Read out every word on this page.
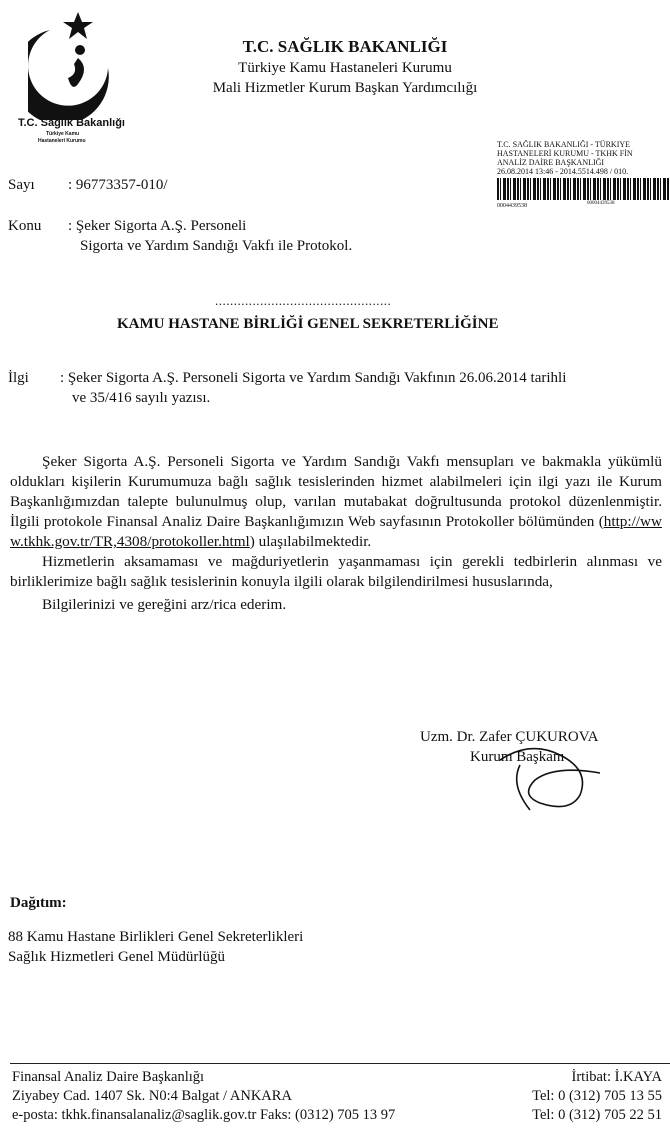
T.C. Sağlık Bakanlığı
Türkiye Kamu
Hastaneleri Kurumu
T.C. SAĞLIK BAKANLIĞI
Türkiye Kamu Hastaneleri Kurumu
Mali Hizmetler Kurum Başkan Yardımcılığı
T.C. SAĞLIK BAKANLIĞI - TÜRKIYE
HASTANELERİ KURUMU - TKHK FİN
ANALİZ DAİRE BAŞKANLIĞI
26.08.2014 13:46 - 2014.5514.498 / 010.
0004439538	00004439538
Sayı : 96773357-010/
Konu : Şeker Sigorta A.Ş. Personeli
Sigorta ve Yardım Sandığı Vakfı ile Protokol.
...............................................
KAMU HASTANE BİRLİĞİ GENEL SEKRETERLİĞİNE
İlgi : Şeker Sigorta A.Ş. Personeli Sigorta ve Yardım Sandığı Vakfının 26.06.2014 tarihli
ve 35/416 sayılı yazısı.

Şeker Sigorta A.Ş. Personeli Sigorta ve Yardım Sandığı Vakfı mensupları ve bakmakla yükümlü oldukları kişilerin Kurumumuza bağlı sağlık tesislerinden hizmet alabilmeleri için ilgi yazı ile Kurum Başkanlığımızdan talepte bulunulmuş olup, varılan mutabakat doğrultusunda protokol düzenlenmiştir. İlgili protokole Finansal Analiz Daire Başkanlığımızın Web sayfasının Protokoller bölümünden (http://www.tkhk.gov.tr/TR,4308/protokoller.html) ulaşılabilmektedir.

Hizmetlerin aksamaması ve mağduriyetlerin yaşanmaması için gerekli tedbirlerin alınması ve birliklerimize bağlı sağlık tesislerinin konuyla ilgili olarak bilgilendirilmesi hususlarında,

Bilgilerinizi ve gereğini arz/rica ederim.

Uzm. Dr. Zafer ÇUKUROVA
Kurum Başkanı
Dağıtım:
88 Kamu Hastane Birlikleri Genel Sekreterlikleri
Sağlık Hizmetleri Genel Müdürlüğü
Finansal Analiz Daire Başkanlığı
Ziyabey Cad. 1407 Sk. N0:4 Balgat / ANKARA
e-posta: tkhk.finansalanaliz@saglik.gov.tr Faks: (0312) 705 13 97
İrtibat: İ.KAYA
Tel: 0 (312) 705 13 55
Tel: 0 (312) 705 22 51
